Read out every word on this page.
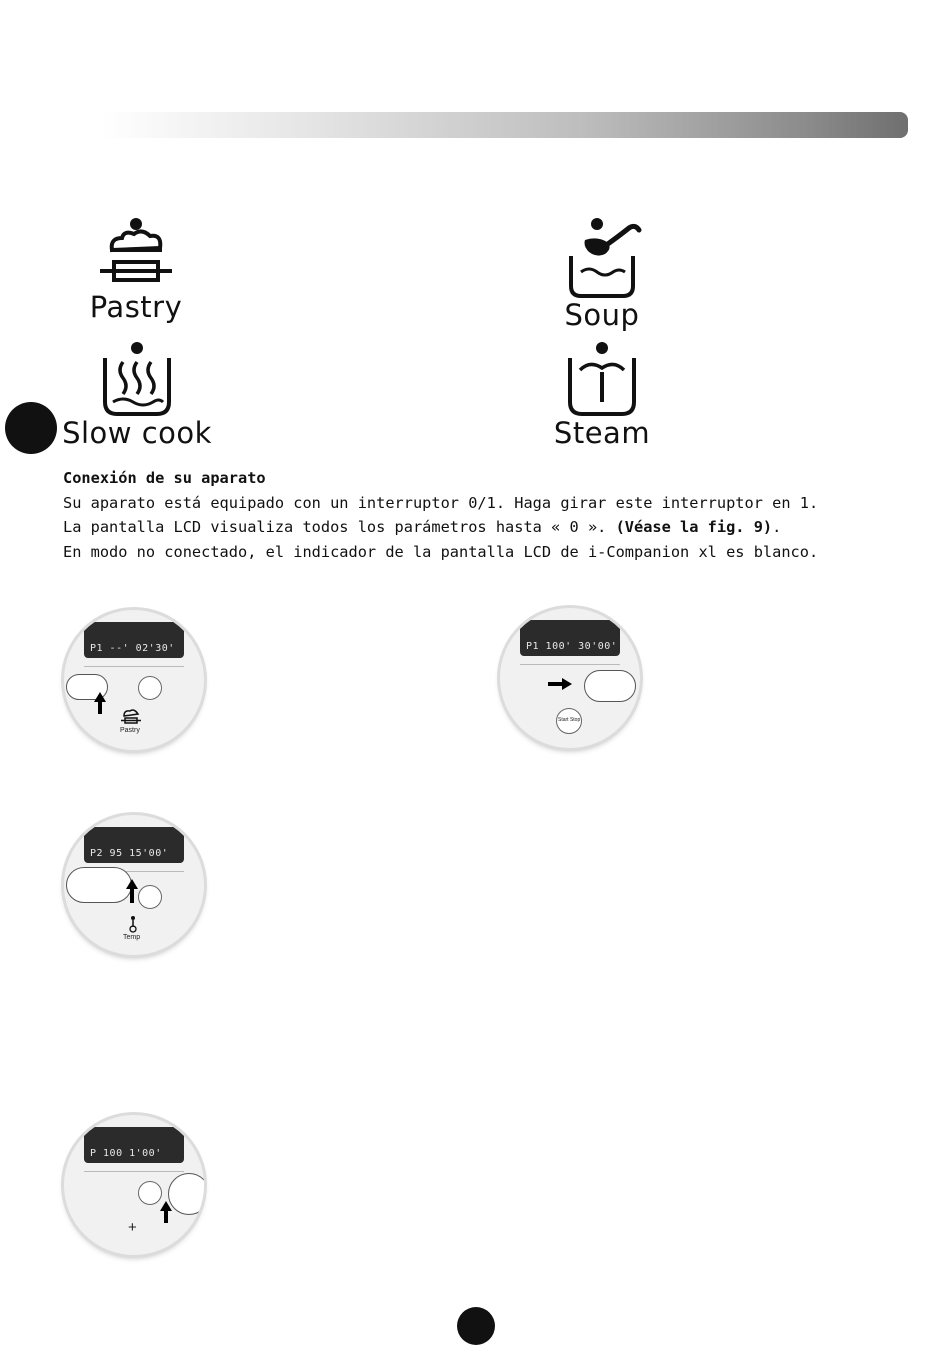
Pastry	Soup
Slow cook	Steam
Conexión de su aparato
Su aparato está equipado con un interruptor 0/1. Haga girar este interruptor en 1.
La pantalla LCD visualiza todos los parámetros hasta « 0 ». (Véase la fig. 9).
En modo no conectado, el indicador de la pantalla LCD de i-Companion xl es blanco.
P1 --' 02'30'
Pastry
P1 100' 30'00'
Start Stop
P2 95 15'00'
Temp
P 100 1'00'
+
